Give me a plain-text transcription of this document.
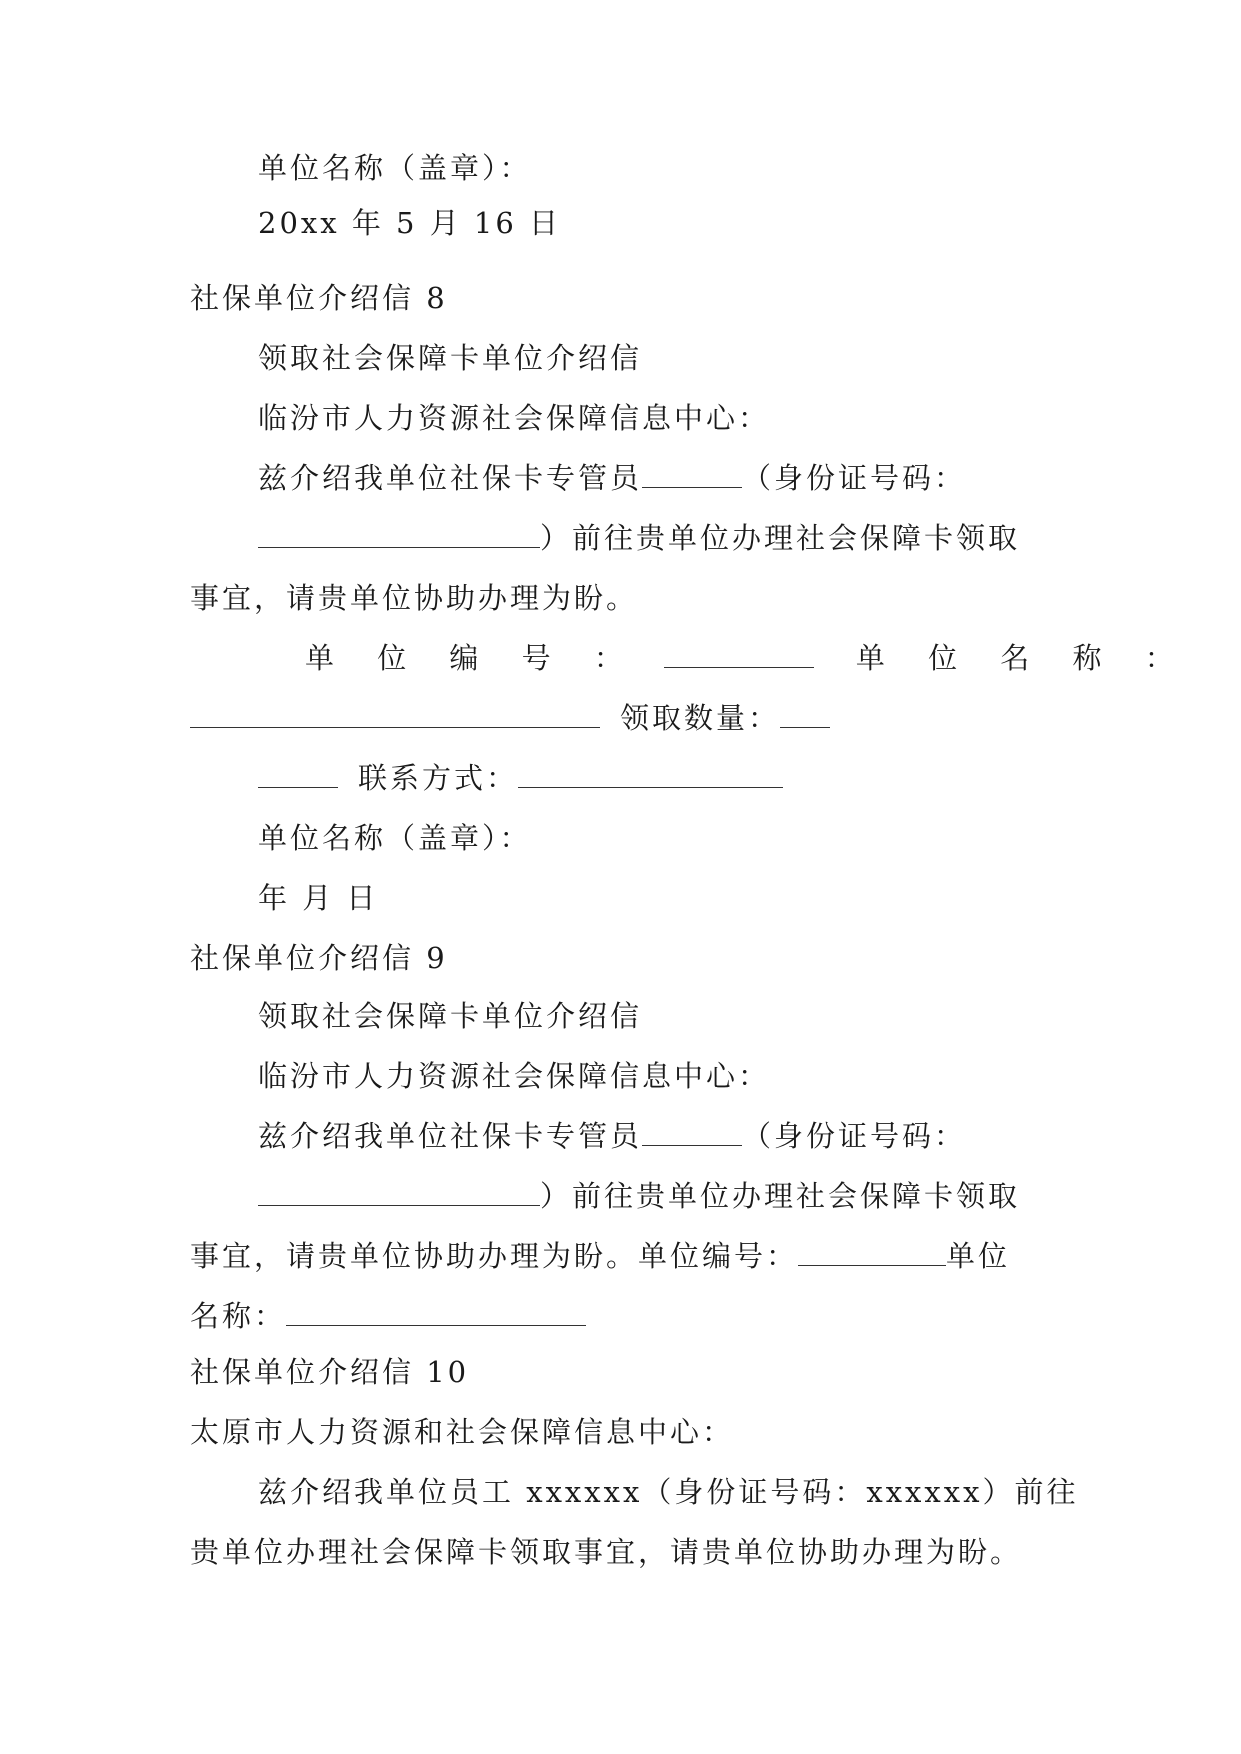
单位名称（盖章）：
20xx 年 5 月 16 日
社保单位介绍信 8
领取社会保障卡单位介绍信
临汾市人力资源社会保障信息中心：
兹介绍我单位社保卡专管员	（身份证号码：
）前往贵单位办理社会保障卡领取
事宜，请贵单位协助办理为盼。
单 位 编 号 ：	单 位 名 称 ：
领取数量：
联系方式：
单位名称（盖章）：
年 月 日
社保单位介绍信 9
领取社会保障卡单位介绍信
临汾市人力资源社会保障信息中心：
兹介绍我单位社保卡专管员	（身份证号码：
）前往贵单位办理社会保障卡领取
事宜，请贵单位协助办理为盼。单位编号：	单位
名称：
社保单位介绍信 10
太原市人力资源和社会保障信息中心：
兹介绍我单位员工 xxxxxx（身份证号码：xxxxxx）前往
贵单位办理社会保障卡领取事宜，请贵单位协助办理为盼。
